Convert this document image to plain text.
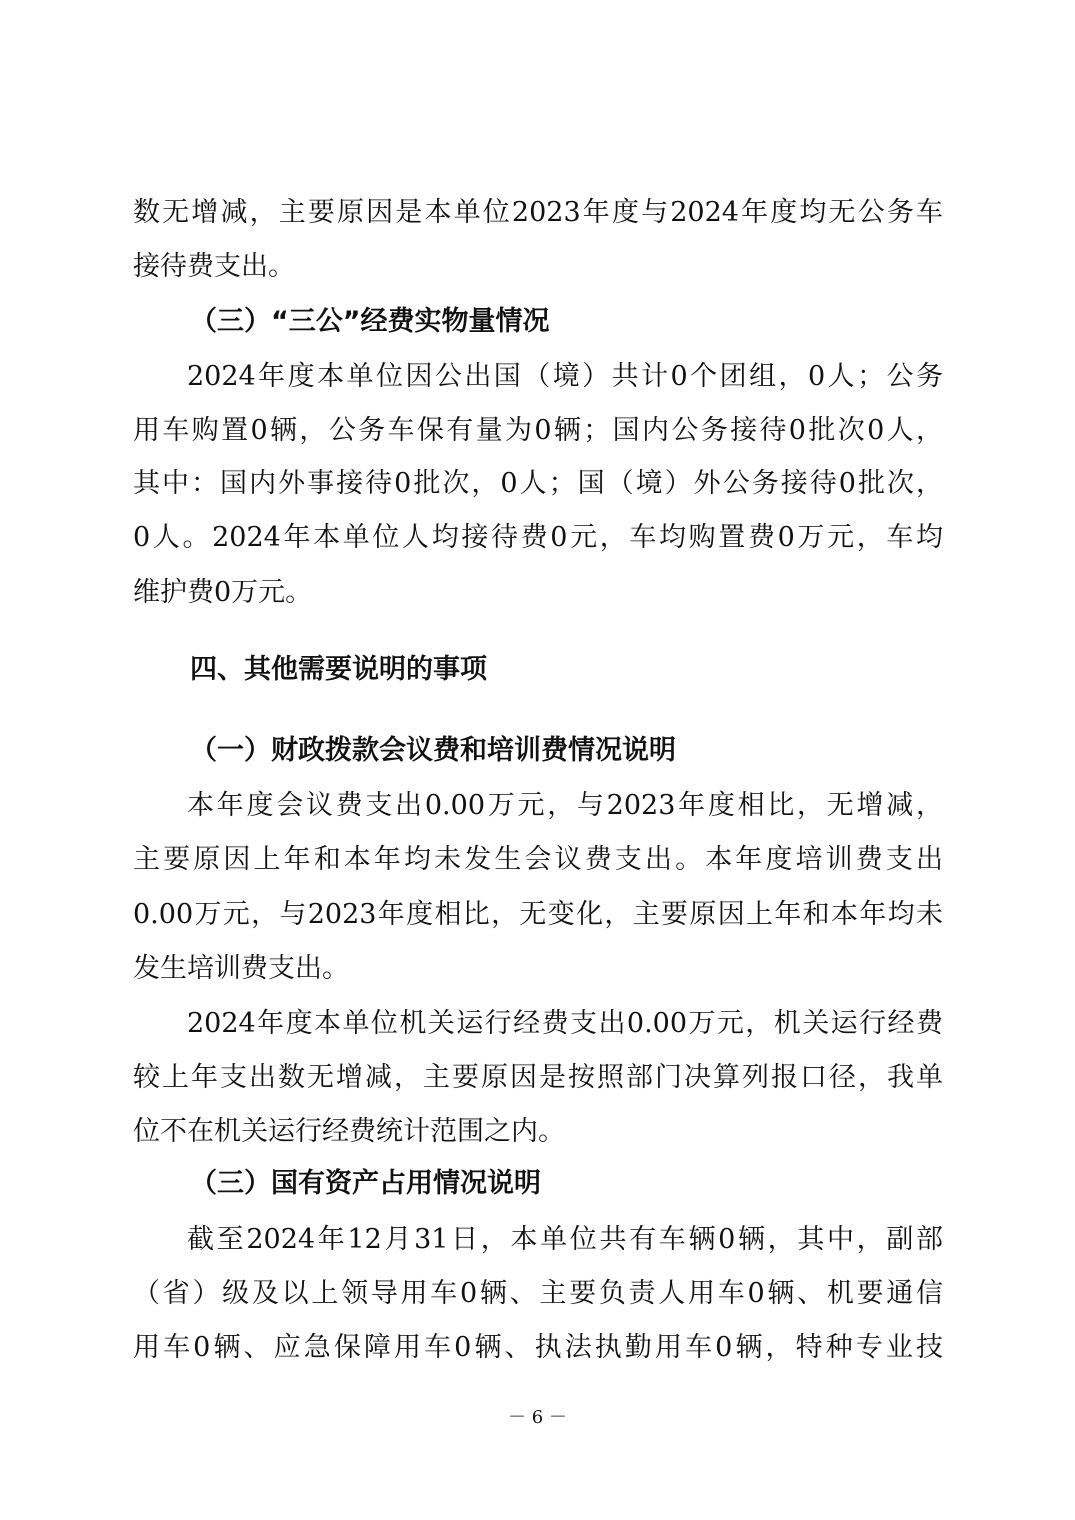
数无增减，主要原因是本单位2023年度与2024年度均无公务车
接待费支出。
（三）“三公”经费实物量情况
2024年度本单位因公出国（境）共计0个团组，0人；公务
用车购置0辆，公务车保有量为0辆；国内公务接待0批次0人，
其中：国内外事接待0批次，0人；国（境）外公务接待0批次，
0人。2024年本单位人均接待费0元，车均购置费0万元，车均
维护费0万元。
四、其他需要说明的事项
（一）财政拨款会议费和培训费情况说明
本年度会议费支出0.00万元，与2023年度相比，无增减，
主要原因上年和本年均未发生会议费支出。本年度培训费支出
0.00万元，与2023年度相比，无变化，主要原因上年和本年均未
发生培训费支出。
2024年度本单位机关运行经费支出0.00万元，机关运行经费
较上年支出数无增减，主要原因是按照部门决算列报口径，我单
位不在机关运行经费统计范围之内。
（三）国有资产占用情况说明
截至2024年12月31日，本单位共有车辆0辆，其中，副部
（省）级及以上领导用车0辆、主要负责人用车0辆、机要通信
用车0辆、应急保障用车0辆、执法执勤用车0辆，特种专业技
－ 6 －
